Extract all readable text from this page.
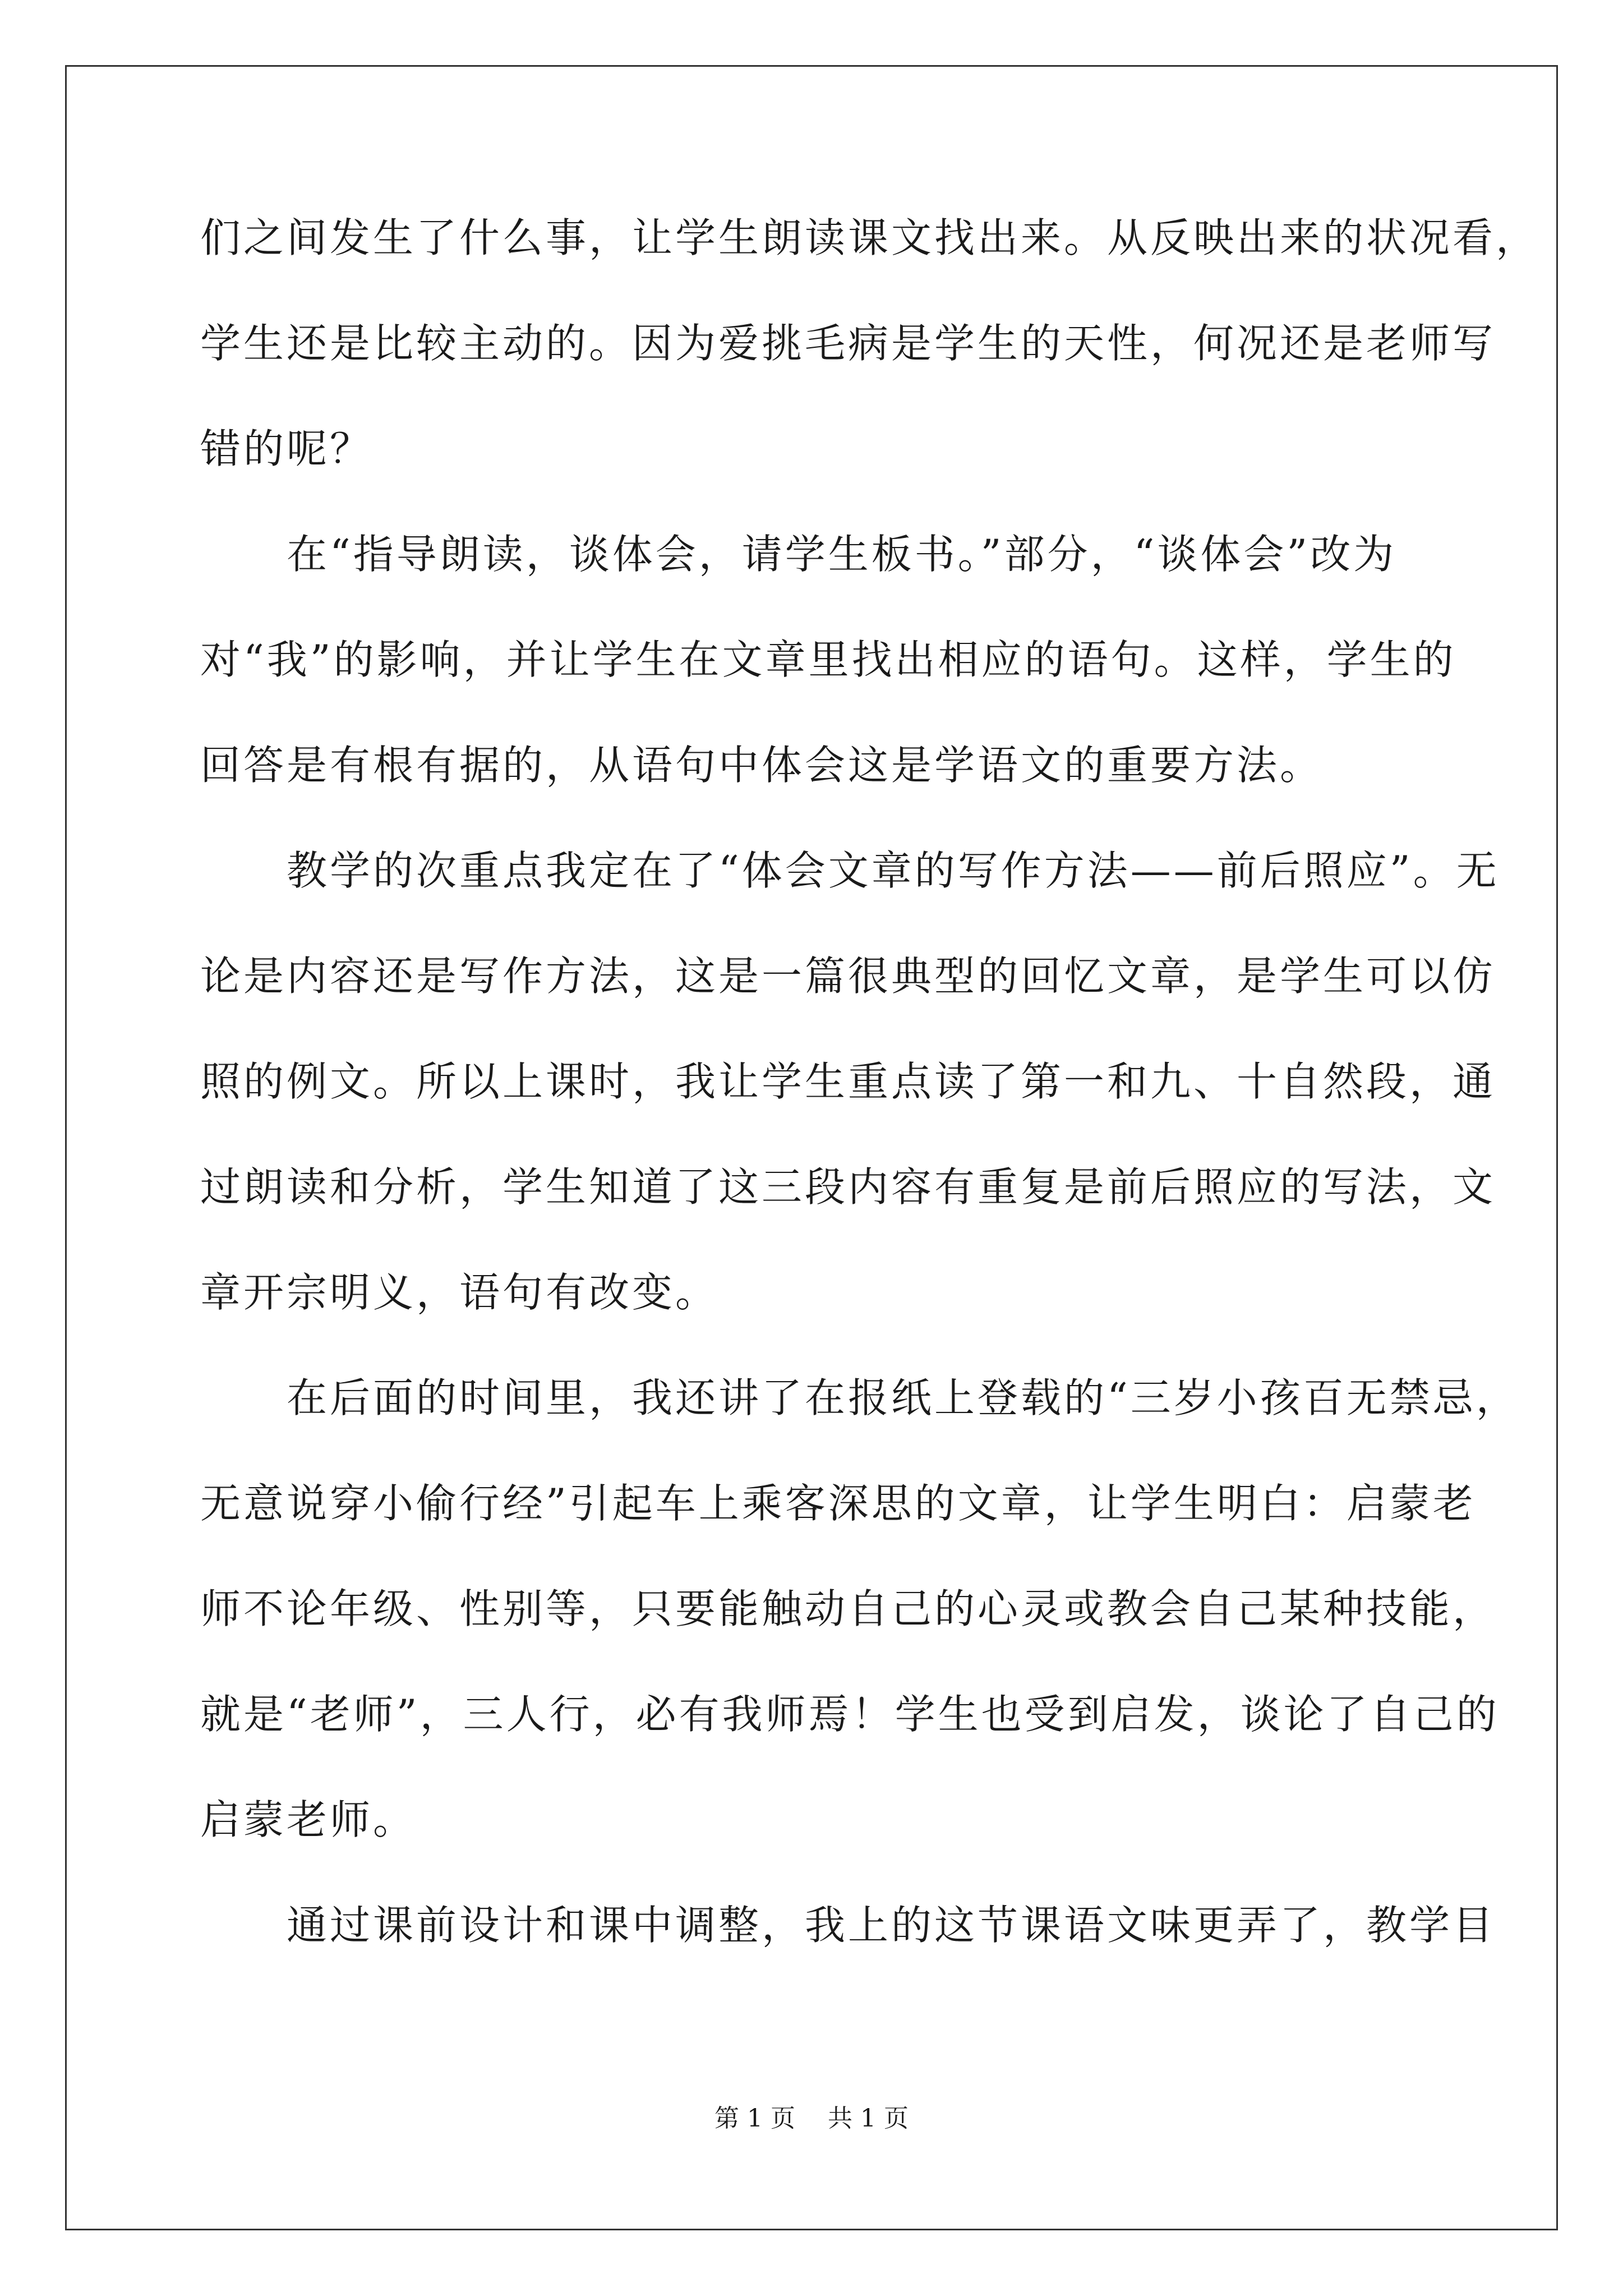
们之间发生了什么事，让学生朗读课文找出来。从反映出来的状况看，
学生还是比较主动的。因为爱挑毛病是学生的天性，何况还是老师写
错的呢？
　　在“指导朗读，谈体会，请学生板书。”部分，“谈体会”改为
对“我”的影响，并让学生在文章里找出相应的语句。这样，学生的
回答是有根有据的，从语句中体会这是学语文的重要方法。
　　教学的次重点我定在了“体会文章的写作方法——前后照应”。无
论是内容还是写作方法，这是一篇很典型的回忆文章，是学生可以仿
照的例文。所以上课时，我让学生重点读了第一和九、十自然段，通
过朗读和分析，学生知道了这三段内容有重复是前后照应的写法，文
章开宗明义，语句有改变。
　　在后面的时间里，我还讲了在报纸上登载的“三岁小孩百无禁忌，
无意说穿小偷行经”引起车上乘客深思的文章，让学生明白：启蒙老
师不论年级、性别等，只要能触动自己的心灵或教会自己某种技能，
就是“老师”，三人行，必有我师焉！学生也受到启发，谈论了自己的
启蒙老师。
　　通过课前设计和课中调整，我上的这节课语文味更弄了，教学目
第 1 页　 共 1 页
